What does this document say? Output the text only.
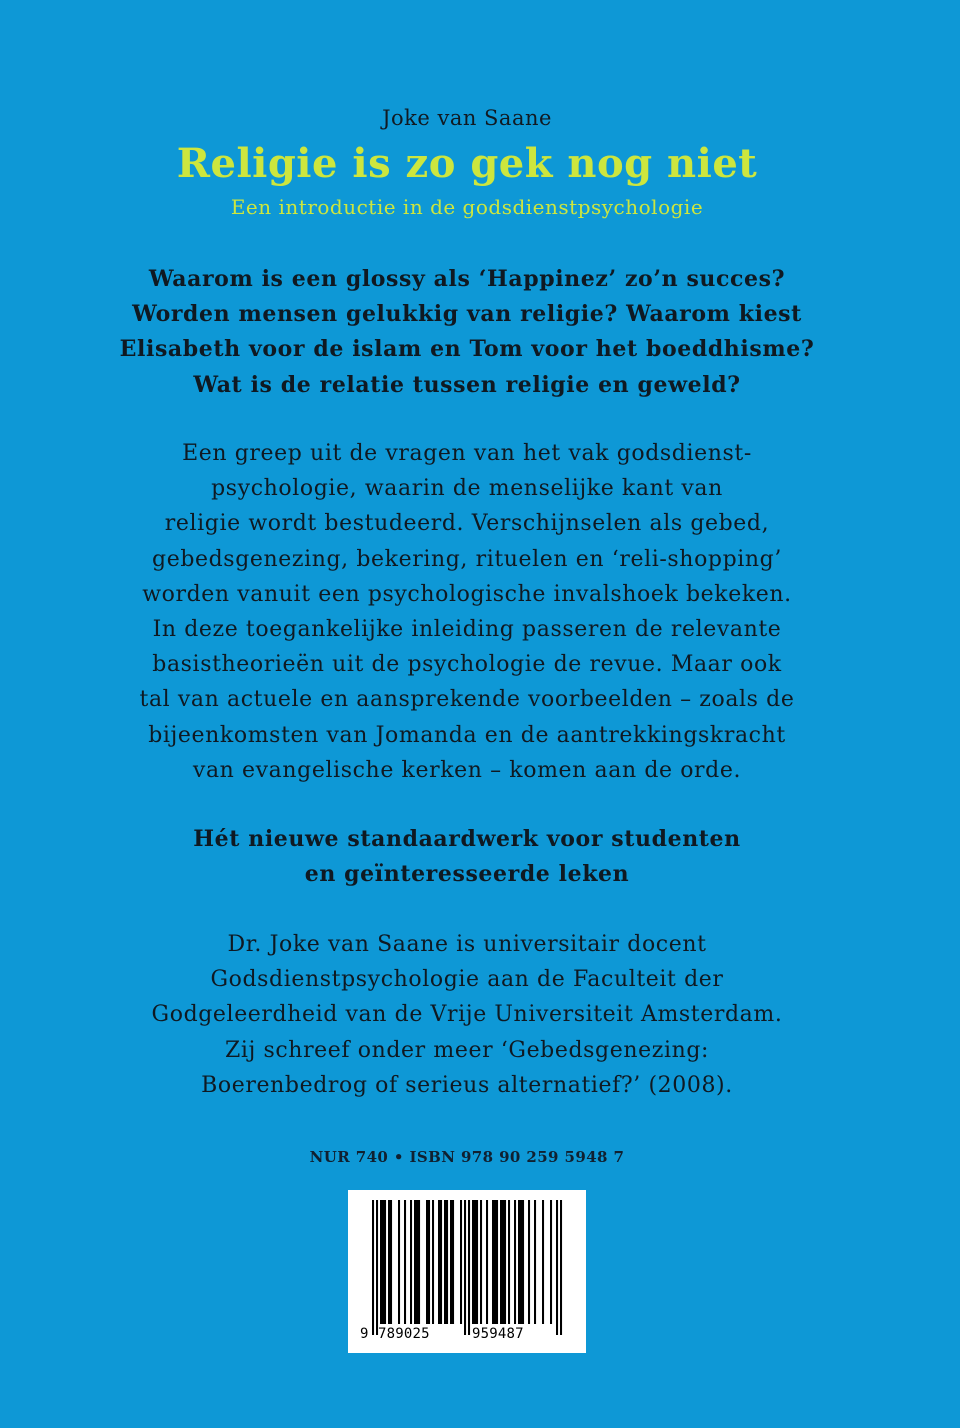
Joke van Saane
Religie is zo gek nog niet
Een introductie in de godsdienstpsychologie
Waarom is een glossy als ‘Happinez’ zo’n succes?
Worden mensen gelukkig van religie? Waarom kiest
Elisabeth voor de islam en Tom voor het boeddhisme?
Wat is de relatie tussen religie en geweld?
Een greep uit de vragen van het vak godsdienst-
psychologie, waarin de menselijke kant van
religie wordt bestudeerd. Verschijnselen als gebed,
gebedsgenezing, bekering, rituelen en ‘reli-shopping’
worden vanuit een psychologische invalshoek bekeken.
In deze toegankelijke inleiding passeren de relevante
basistheorieën uit de psychologie de revue. Maar ook
tal van actuele en aansprekende voorbeelden – zoals de
bijeenkomsten van Jomanda en de aantrekkingskracht
van evangelische kerken – komen aan de orde.
Hét nieuwe standaardwerk voor studenten
en geïnteresseerde leken
Dr. Joke van Saane is universitair docent
Godsdienstpsychologie aan de Faculteit der
Godgeleerdheid van de Vrije Universiteit Amsterdam.
Zij schreef onder meer ‘Gebedsgenezing:
Boerenbedrog of serieus alternatief?’ (2008).
NUR 740 • ISBN 978 90 259 5948 7
9 789025	959487
